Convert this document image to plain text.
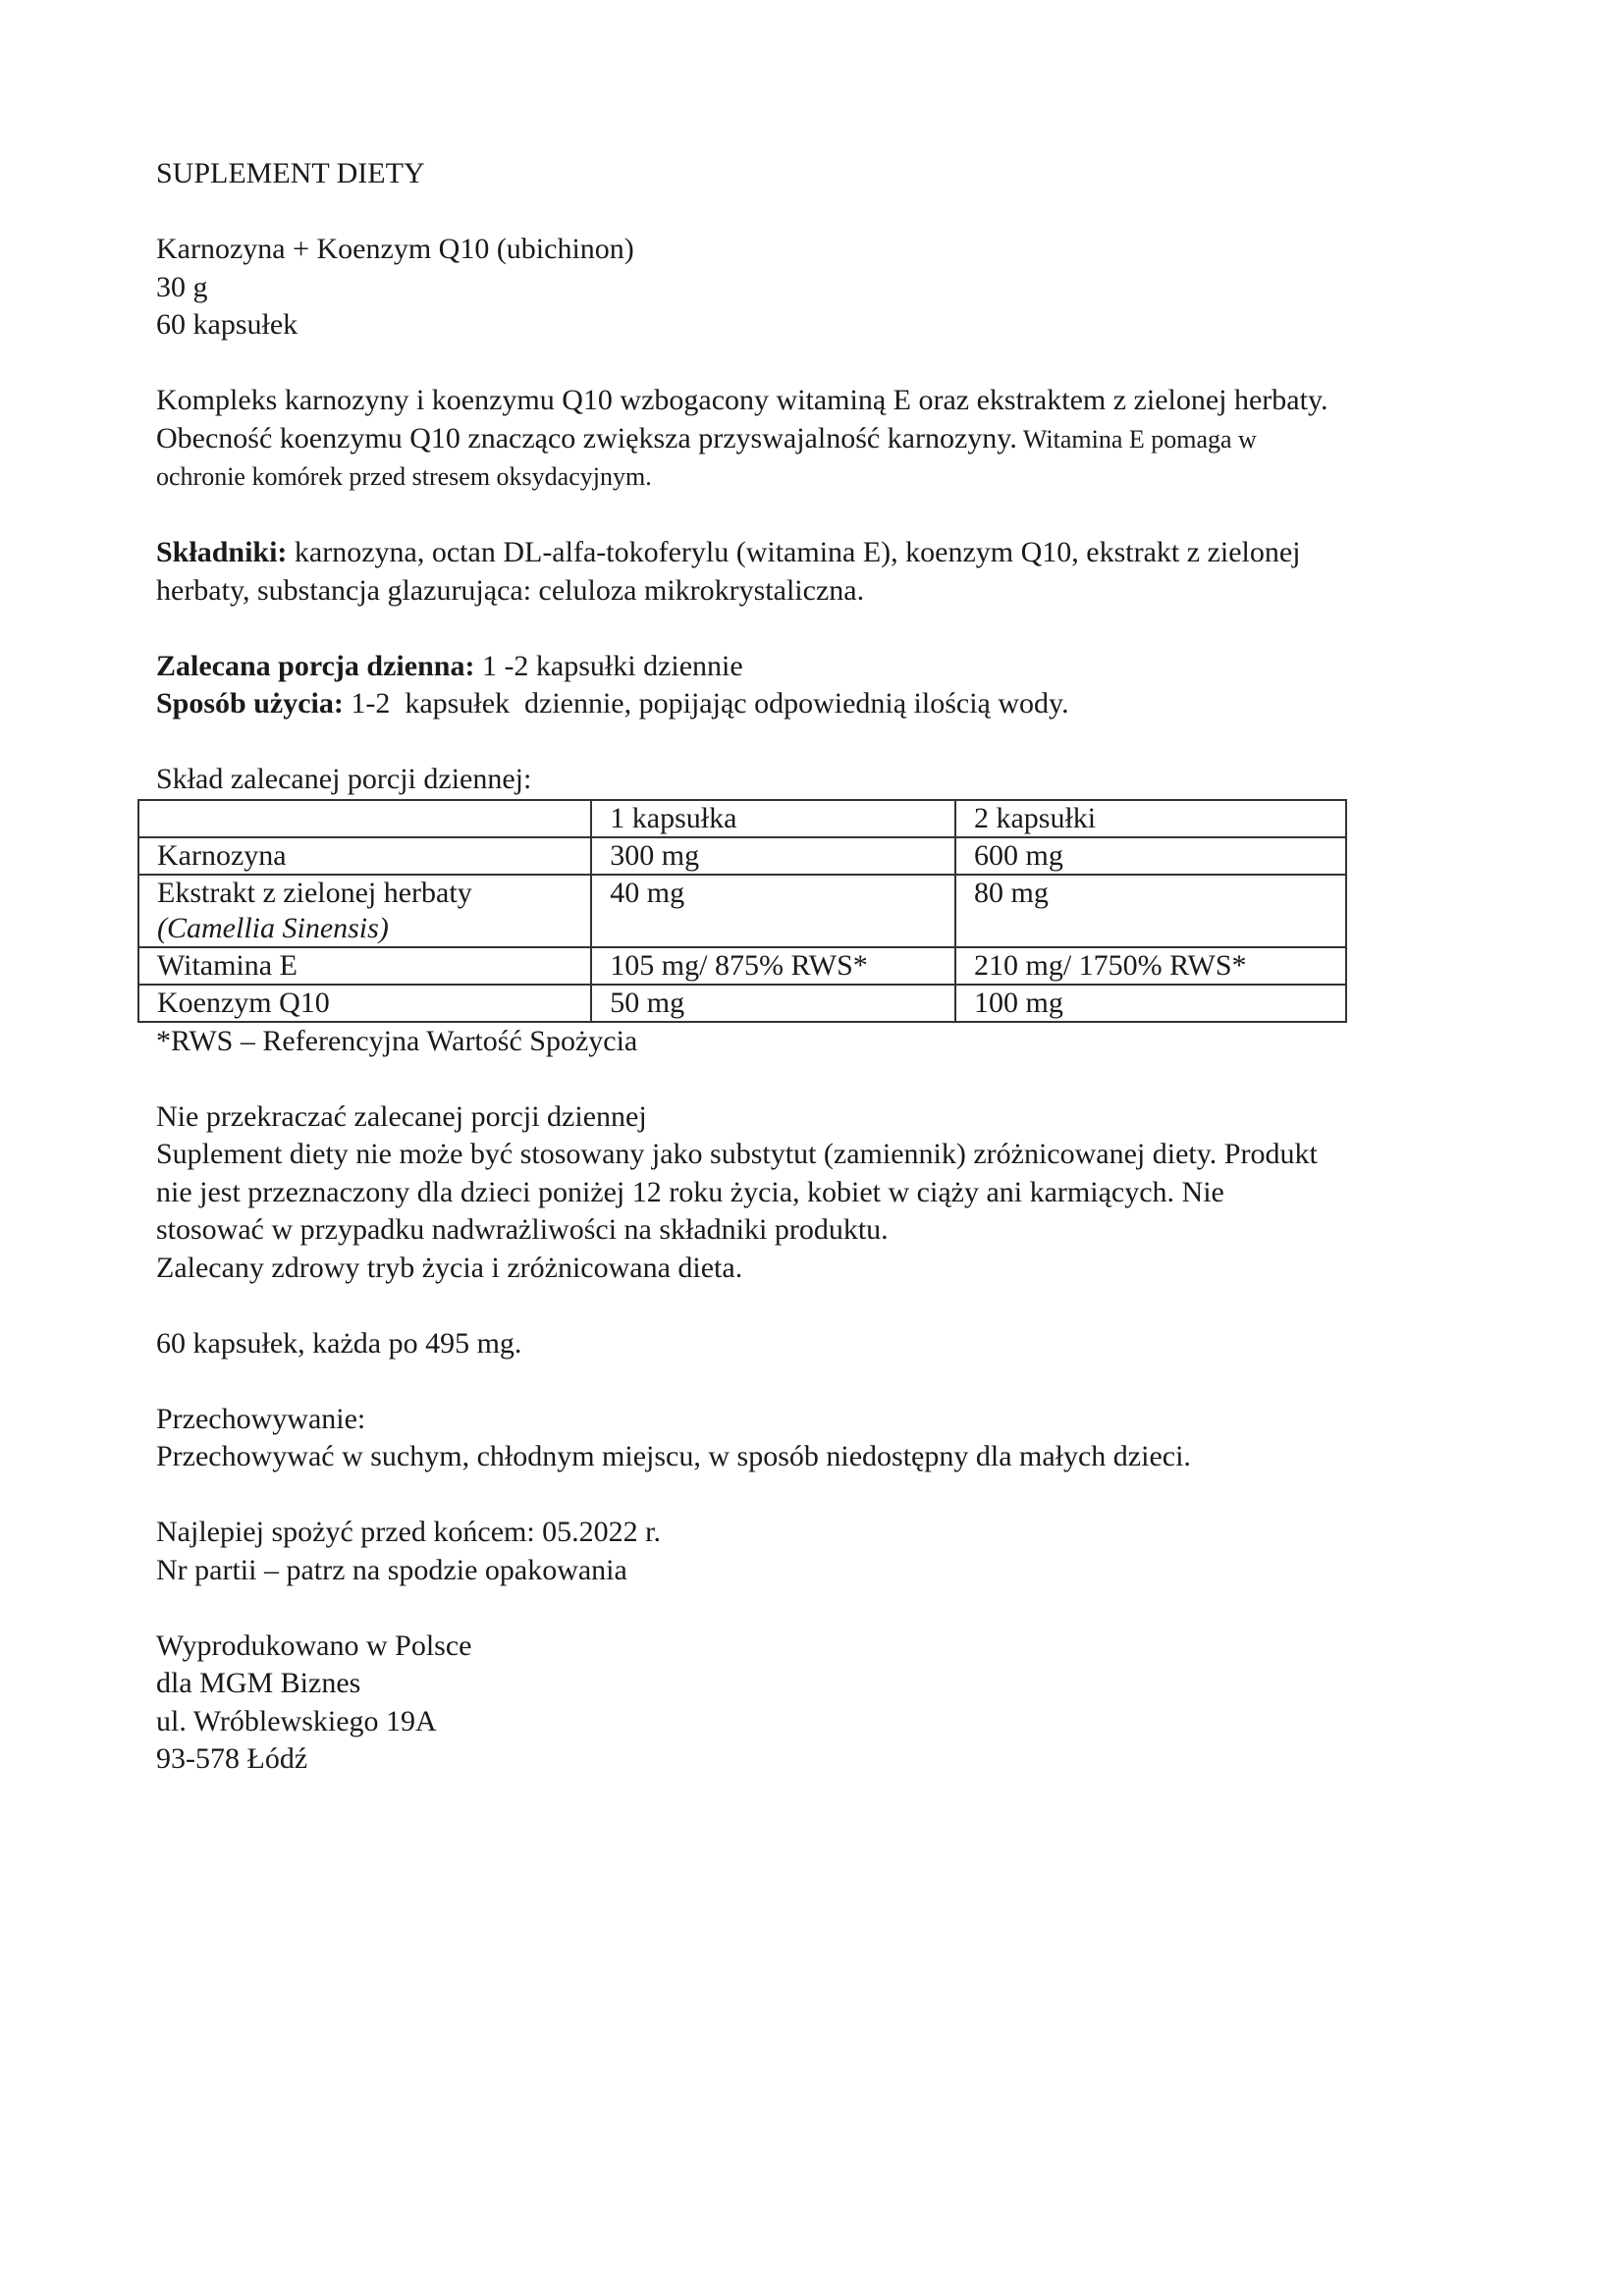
SUPLEMENT DIETY
Karnozyna + Koenzym Q10 (ubichinon)
30 g
60 kapsułek
Kompleks karnozyny i koenzymu Q10 wzbogacony witaminą E oraz ekstraktem z zielonej herbaty.
Obecność koenzymu Q10 znacząco zwiększa przyswajalność karnozyny. Witamina E pomaga w
ochronie komórek przed stresem oksydacyjnym.
Składniki: karnozyna, octan DL-alfa-tokoferylu (witamina E), koenzym Q10, ekstrakt z zielonej
herbaty, substancja glazurująca: celuloza mikrokrystaliczna.
Zalecana porcja dzienna: 1 -2 kapsułki dziennie
Sposób użycia: 1-2  kapsułek  dziennie, popijając odpowiednią ilością wody.
Skład zalecanej porcji dziennej:
	1 kapsułka	2 kapsułki
Karnozyna	300 mg	600 mg
Ekstrakt z zielonej herbaty
(Camellia Sinensis)	40 mg	80 mg
Witamina E	105 mg/ 875% RWS*	210 mg/ 1750% RWS*
Koenzym Q10	50 mg	100 mg
*RWS – Referencyjna Wartość Spożycia
Nie przekraczać zalecanej porcji dziennej
Suplement diety nie może być stosowany jako substytut (zamiennik) zróżnicowanej diety. Produkt
nie jest przeznaczony dla dzieci poniżej 12 roku życia, kobiet w ciąży ani karmiących. Nie
stosować w przypadku nadwrażliwości na składniki produktu.
Zalecany zdrowy tryb życia i zróżnicowana dieta.
60 kapsułek, każda po 495 mg.
Przechowywanie:
Przechowywać w suchym, chłodnym miejscu, w sposób niedostępny dla małych dzieci.
Najlepiej spożyć przed końcem: 05.2022 r.
Nr partii – patrz na spodzie opakowania
Wyprodukowano w Polsce
dla MGM Biznes
ul. Wróblewskiego 19A
93-578 Łódź
